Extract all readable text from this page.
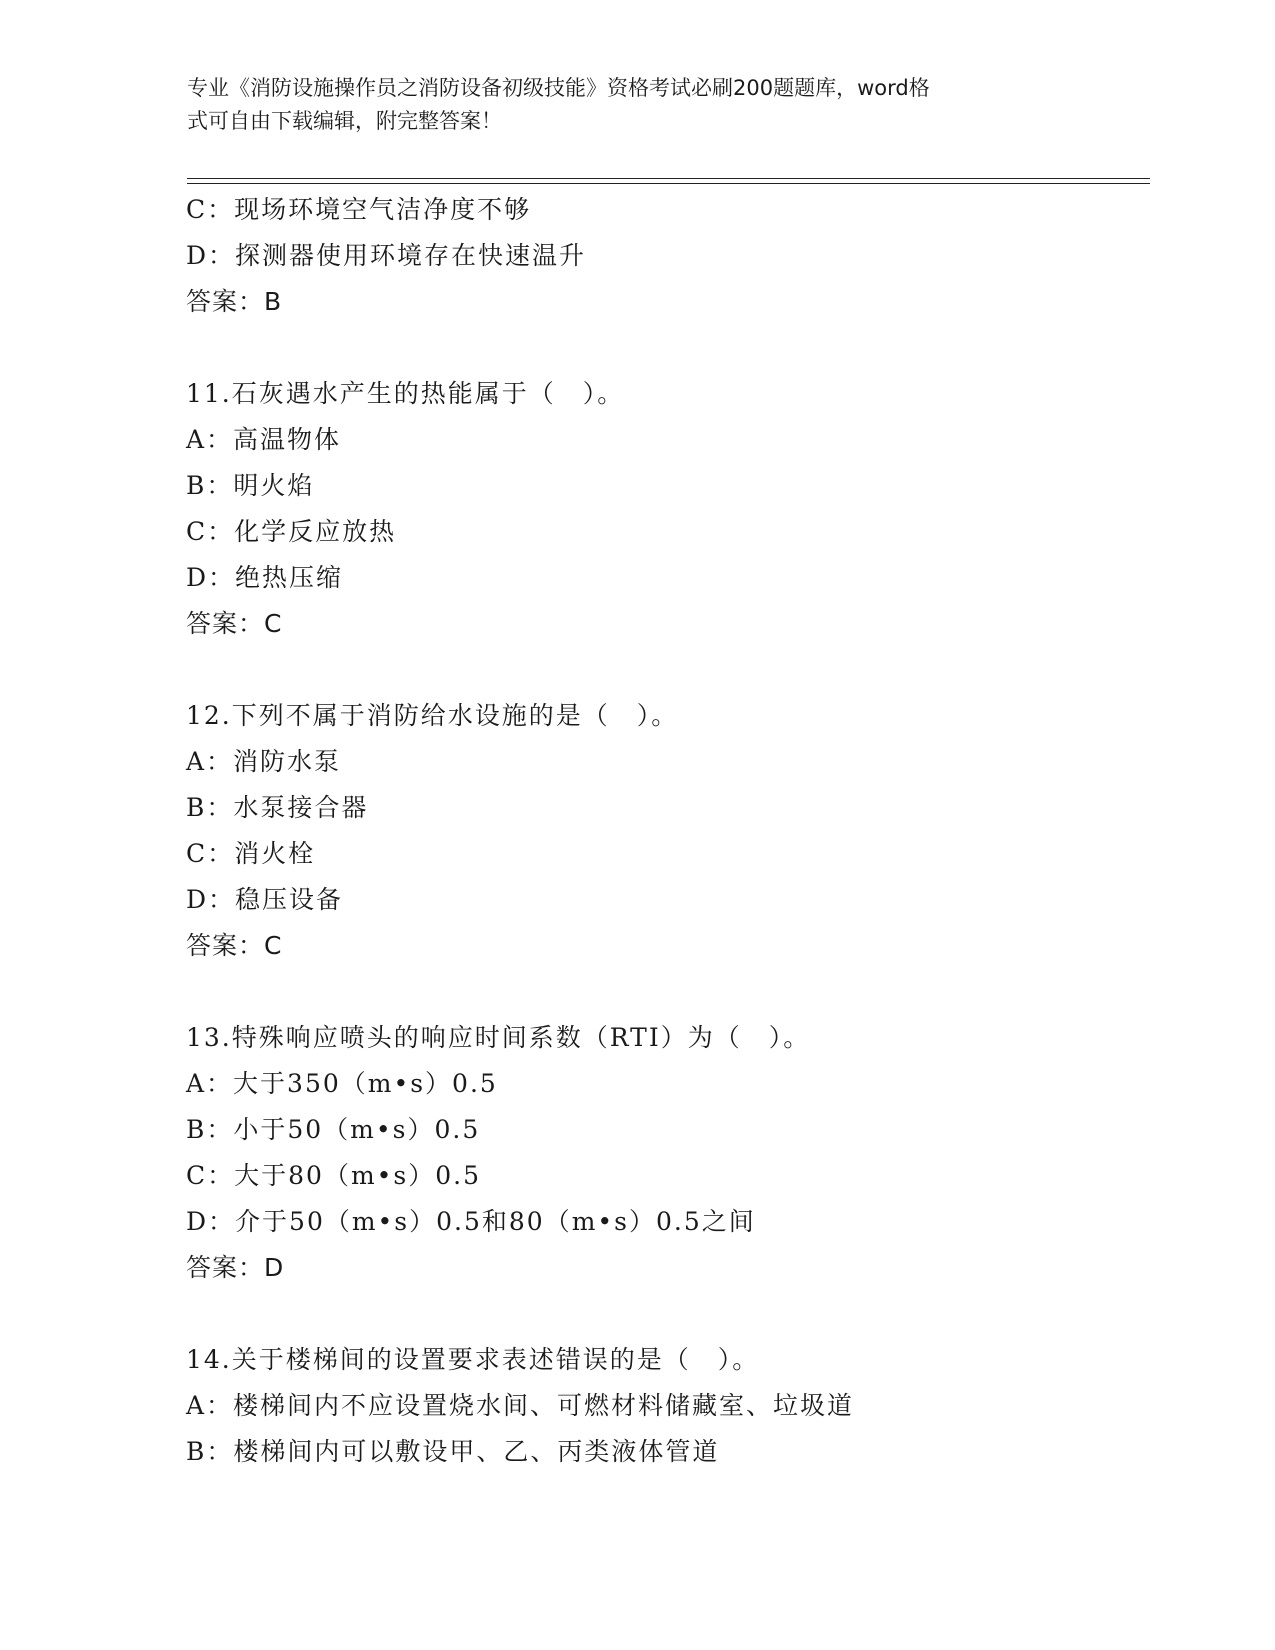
专业《消防设施操作员之消防设备初级技能》资格考试必刷200题题库，word格
式可自由下载编辑，附完整答案！
C：现场环境空气洁净度不够
D：探测器使用环境存在快速温升
答案：B
11.石灰遇水产生的热能属于（　）。
A：高温物体
B：明火焰
C：化学反应放热
D：绝热压缩
答案：C
12.下列不属于消防给水设施的是（　）。
A：消防水泵
B：水泵接合器
C：消火栓
D：稳压设备
答案：C
13.特殊响应喷头的响应时间系数（RTI）为（　）。
A：大于350（m•s）0.5
B：小于50（m•s）0.5
C：大于80（m•s）0.5
D：介于50（m•s）0.5和80（m•s）0.5之间
答案：D
14.关于楼梯间的设置要求表述错误的是（　）。
A：楼梯间内不应设置烧水间、可燃材料储藏室、垃圾道
B：楼梯间内可以敷设甲、乙、丙类液体管道
